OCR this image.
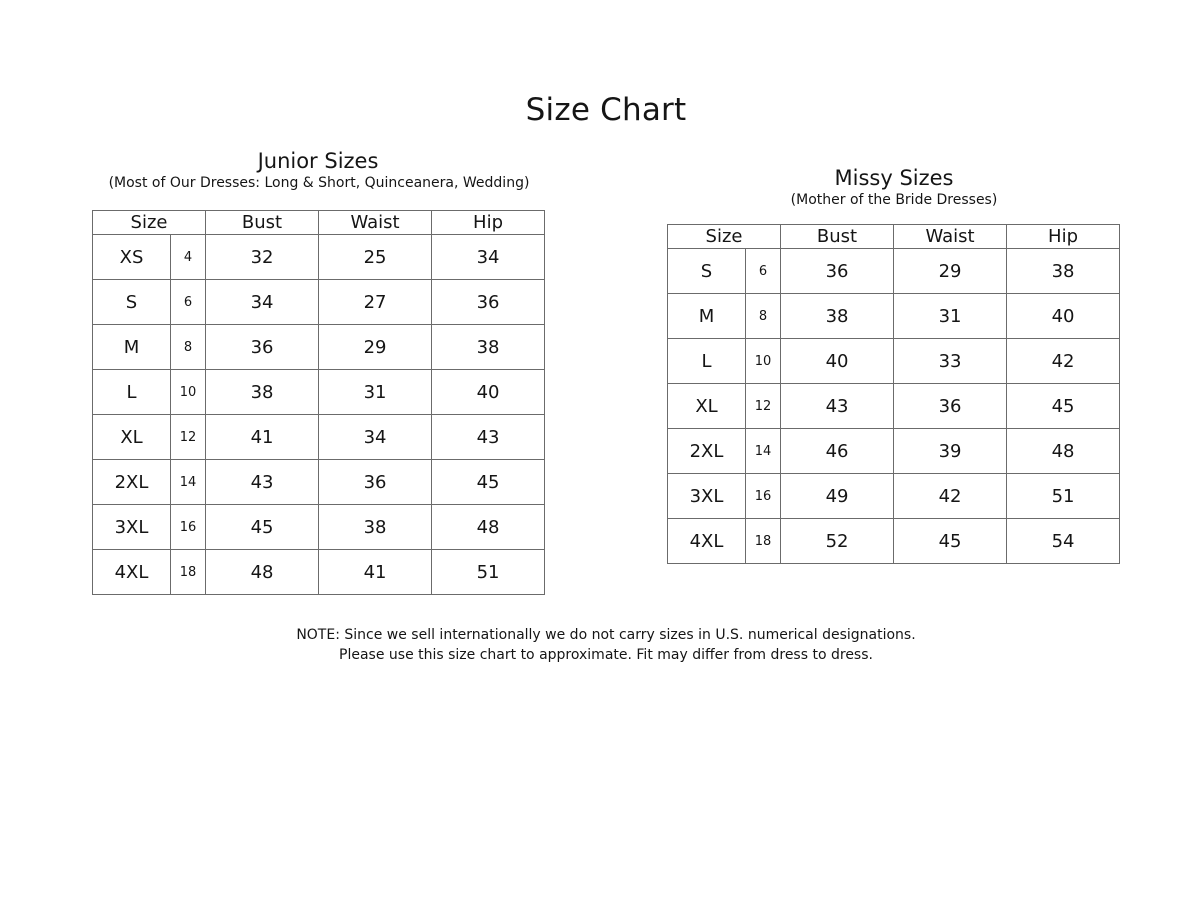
Size Chart
Junior Sizes
(Most of Our Dresses: Long & Short, Quinceanera, Wedding)
Size		Bust	Waist	Hip
XS	4	32	25	34
S	6	34	27	36
M	8	36	29	38
L	10	38	31	40
XL	12	41	34	43
2XL	14	43	36	45
3XL	16	45	38	48
4XL	18	48	41	51
Missy Sizes
(Mother of the Bride Dresses)
Size		Bust	Waist	Hip
S	6	36	29	38
M	8	38	31	40
L	10	40	33	42
XL	12	43	36	45
2XL	14	46	39	48
3XL	16	49	42	51
4XL	18	52	45	54
NOTE: Since we sell internationally we do not carry sizes in U.S. numerical designations.
Please use this size chart to approximate. Fit may differ from dress to dress.
